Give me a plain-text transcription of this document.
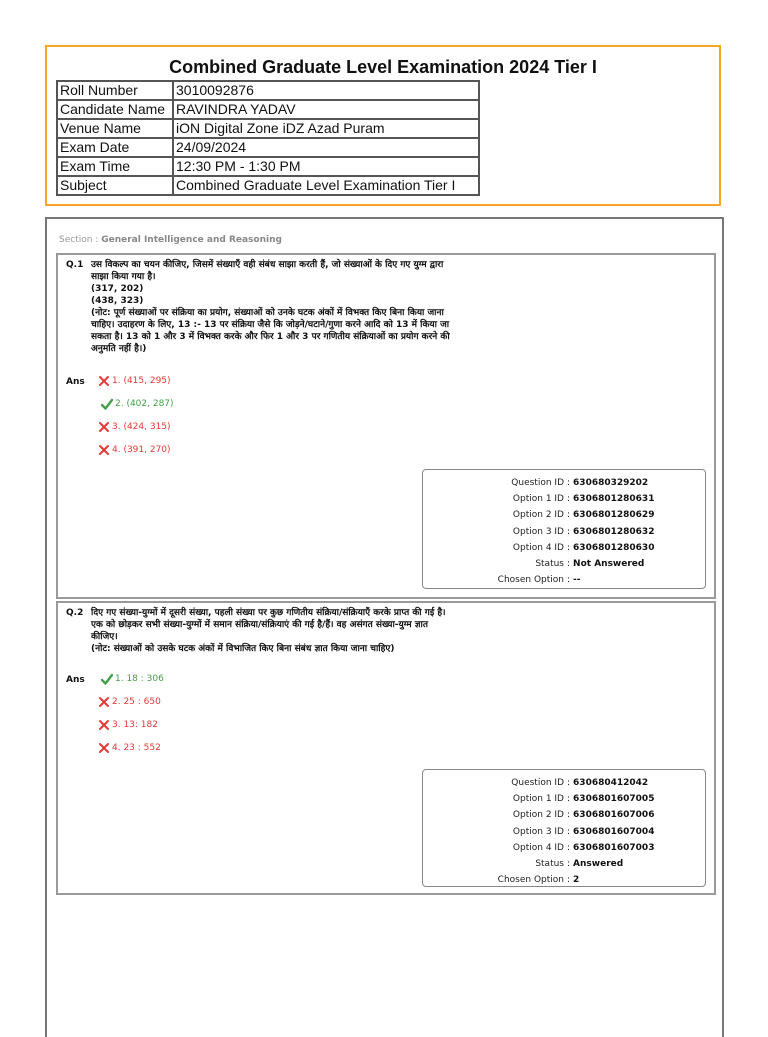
Combined Graduate Level Examination 2024 Tier I
Roll Number	3010092876
Candidate Name	RAVINDRA YADAV
Venue Name	iON Digital Zone iDZ Azad Puram
Exam Date	24/09/2024
Exam Time	12:30 PM - 1:30 PM
Subject	Combined Graduate Level Examination Tier I
Section : General Intelligence and Reasoning
Q.1 उस विकल्प का चयन कीजिए, जिसमें संख्याएँ वही संबंध साझा करती हैं, जो संख्याओं के दिए गए युग्म द्वारा
साझा किया गया है।
(317, 202)
(438, 323)
(नोट: पूर्ण संख्याओं पर संक्रिया का प्रयोग, संख्याओं को उनके घटक अंकों में विभक्त किए बिना किया जाना
चाहिए। उदाहरण के लिए, 13 :- 13 पर संक्रिया जैसे कि जोड़ने/घटाने/गुणा करने आदि को 13 में किया जा
सकता है। 13 को 1 और 3 में विभक्त करके और फिर 1 और 3 पर गणितीय संक्रियाओं का प्रयोग करने की
अनुमति नहीं है।)
Ans	1. (415, 295)
2. (402, 287)
3. (424, 315)
4. (391, 270)
Question ID : 630680329202
Option 1 ID : 6306801280631
Option 2 ID : 6306801280629
Option 3 ID : 6306801280632
Option 4 ID : 6306801280630
Status : Not Answered
Chosen Option : --
Q.2 दिए गए संख्या-युग्मों में दूसरी संख्या, पहली संख्या पर कुछ गणितीय संक्रिया/संक्रियाएँ करके प्राप्त की गई है।
एक को छोड़कर सभी संख्या-युग्मों में समान संक्रिया/संक्रियाएं की गई है/हैं। वह असंगत संख्या-युग्म ज्ञात
कीजिए।
(नोट: संख्याओं को उसके घटक अंकों में विभाजित किए बिना संबंध ज्ञात किया जाना चाहिए)
Ans	1. 18 : 306
2. 25 : 650
3. 13: 182
4. 23 : 552
Question ID : 630680412042
Option 1 ID : 6306801607005
Option 2 ID : 6306801607006
Option 3 ID : 6306801607004
Option 4 ID : 6306801607003
Status : Answered
Chosen Option : 2
